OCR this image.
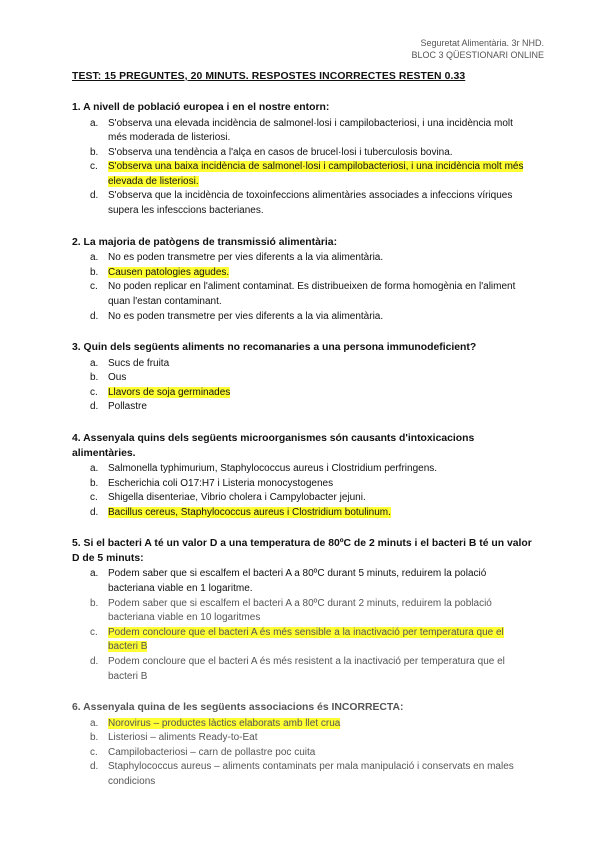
Seguretat Alimentària. 3r NHD.
BLOC 3 QÜESTIONARI ONLINE
TEST: 15 PREGUNTES, 20 MINUTS. RESPOSTES INCORRECTES RESTEN 0.33
1. A nivell de població europea i en el nostre entorn:
a. S'observa una elevada incidència de salmonel·losi i campilobacteriosi, i una incidència molt més moderada de listeriosi.
b. S'observa una tendència a l'alça en casos de brucel·losi i tuberculosis bovina.
c.	S'observa una baixa incidència de salmonel·losi i campilobacteriosi, i una incidència molt més elevada de listeriosi.
d. S'observa que la incidència de toxoinfeccions alimentàries associades a infeccions víriques supera les infesccions bacterianes.
2. La majoria de patògens de transmissió alimentària:
a. No es poden transmetre per vies diferents a la via alimentària.
b. Causen patologies agudes.
c.	No poden replicar en l'aliment contaminat. Es distribueixen de forma homogènia en l'aliment quan l'estan contaminant.
d. No es poden transmetre per vies diferents a la via alimentària.
3. Quin dels següents aliments no recomanaries a una persona immunodeficient?
a. Sucs de fruita
b. Ous
c.	Llavors de soja germinades
d. Pollastre
4. Assenyala quins dels següents microorganismes són causants d'intoxicacions alimentàries.
a. Salmonella typhimurium, Staphylococcus aureus i Clostridium perfringens.
b. Escherichia coli O17:H7 i Listeria monocystogenes
c.	Shigella disenteriae, Vibrio cholera i Campylobacter jejuni.
d. Bacillus cereus, Staphylococcus aureus i Clostridium botulinum.
5. Si el bacteri A té un valor D a una temperatura de 80ºC de 2 minuts i el bacteri B té un valor D de 5 minuts:
a. Podem saber que si escalfem el bacteri A a 80ºC durant 5 minuts, reduirem la polació bacteriana viable en 1 logaritme.
b. Podem saber que si escalfem el bacteri A a 80ºC durant 2 minuts, reduirem la població bacteriana viable en 10 logaritmes
c.	Podem concloure que el bacteri A és més sensible a la inactivació per temperatura que el bacteri B
d. Podem concloure que el bacteri A és més resistent a la inactivació per temperatura que el bacteri B
6. Assenyala quina de les següents associacions és INCORRECTA:
a. Norovirus – productes làctics elaborats amb llet crua
b. Listeriosi – aliments Ready-to-Eat
c.	Campilobacteriosi – carn de pollastre poc cuita
d. Staphylococcus aureus – aliments contaminats per mala manipulació i conservats en males condicions
